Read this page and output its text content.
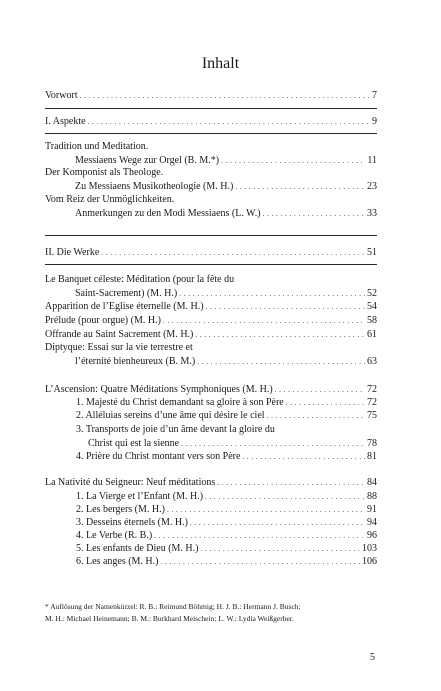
Inhalt
Vorwort . . .	7
I. Aspekte . . .	9
Tradition und Meditation.
Messiaens Wege zur Orgel (B. M.*) . . .	11
Der Komponist als Theologe.
Zu Messiaens Musikotheologie (M. H.) . . .	23
Vom Reiz der Unmöglichkeiten.
Anmerkungen zu den Modi Messiaens (L. W.) . . .	33
II. Die Werke . . .	51
Le Banquet céleste: Méditation (pour la fête du
Saint-Sacrement) (M. H.) . . .	52
Apparition de l’Eglise éternelle (M. H.) . . .	54
Prélude (pour orgue) (M. H.) . . .	58
Offrande au Saint Sacrement (M. H.) . . .	61
Diptyque: Essai sur la vie terrestre et
l’éternité bienheureux (B. M.) . . .	63
L’Ascension: Quatre Méditations Symphoniques (M. H.) . . .	72
1. Majesté du Christ demandant sa gloire à son Père . . .	72
2. Alléluias sereins d’une âme qui désire le ciel . . .	75
3. Transports de joie d’un âme devant la gloire du
Christ qui est la sienne . . .	78
4. Prière du Christ montant vers son Père . . .	81
La Nativité du Seigneur: Neuf méditations . . .	84
1. La Vierge et l’Enfant (M. H.) . . .	88
2. Les bergers (M. H.) . . .	91
3. Desseins éternels (M. H.) . . .	94
4. Le Verbe (R. B.) . . .	96
5. Les enfants de Dieu (M. H.) . . .	103
6. Les anges (M. H.) . . .	106
* Auflösung der Namenkürzel: R. B.: Reimund Böhmig; H. J. B.: Hermann J. Busch;
M. H.: Michael Heinemann; B. M.: Burkhard Meischein; L. W.: Lydia Weißgerber.
5
